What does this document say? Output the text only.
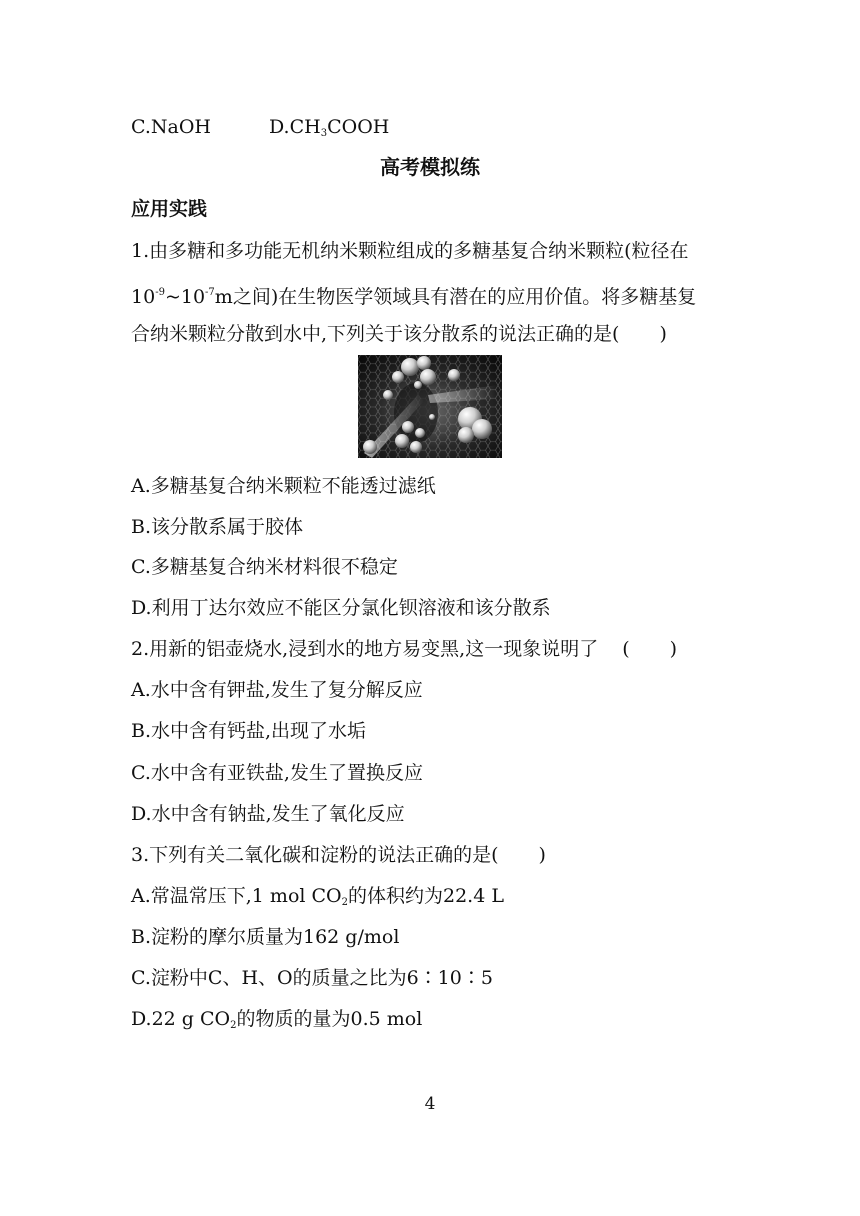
C.NaOH	$D.CH_3COOH$
高考模拟练
应用实践
1.由多糖和多功能无机纳米颗粒组成的多糖基复合纳米颗粒(粒径在
$10^{-9}\sim 10^{-7}m$之间)在生物医学领域具有潜在的应用价值。将多糖基复
合纳米颗粒分散到水中,下列关于该分散系的说法正确的是( )
A.多糖基复合纳米颗粒不能透过滤纸
B.该分散系属于胶体
C.多糖基复合纳米材料很不稳定
D.利用丁达尔效应不能区分氯化钡溶液和该分散系
2.用新的铝壶烧水,浸到水的地方易变黑,这一现象说明了 ( )
A.水中含有钾盐,发生了复分解反应
B.水中含有钙盐,出现了水垢
C.水中含有亚铁盐,发生了置换反应
D.水中含有钠盐,发生了氧化反应
3.下列有关二氧化碳和淀粉的说法正确的是( )
A.常温常压下,1 mol $CO_2$的体积约为22.4 L
B.淀粉的摩尔质量为162 g/mol
C.淀粉中C、H、O的质量之比为6∶10∶5
D.22 g $CO_2$的物质的量为0.5 mol
4
